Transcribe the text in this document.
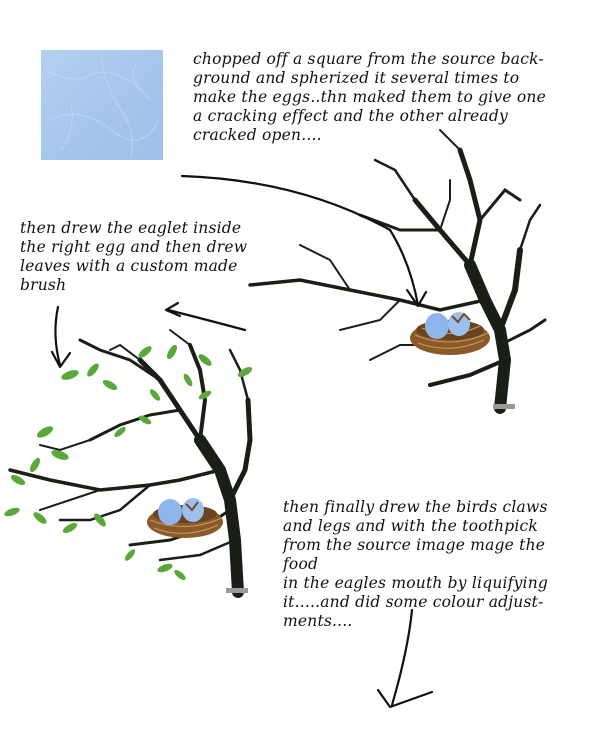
chopped off a square from the source back-
ground and spherized it several times to
make the eggs..thn maked them to give one
a cracking effect and the other already
cracked open....

then drew the eaglet inside
the right egg and then drew
leaves with a custom made
brush

then finally drew the birds claws
and legs and with the toothpick
from the source image mage the food
in the eagles mouth by liquifying
it.....and did some colour adjust-
ments....
